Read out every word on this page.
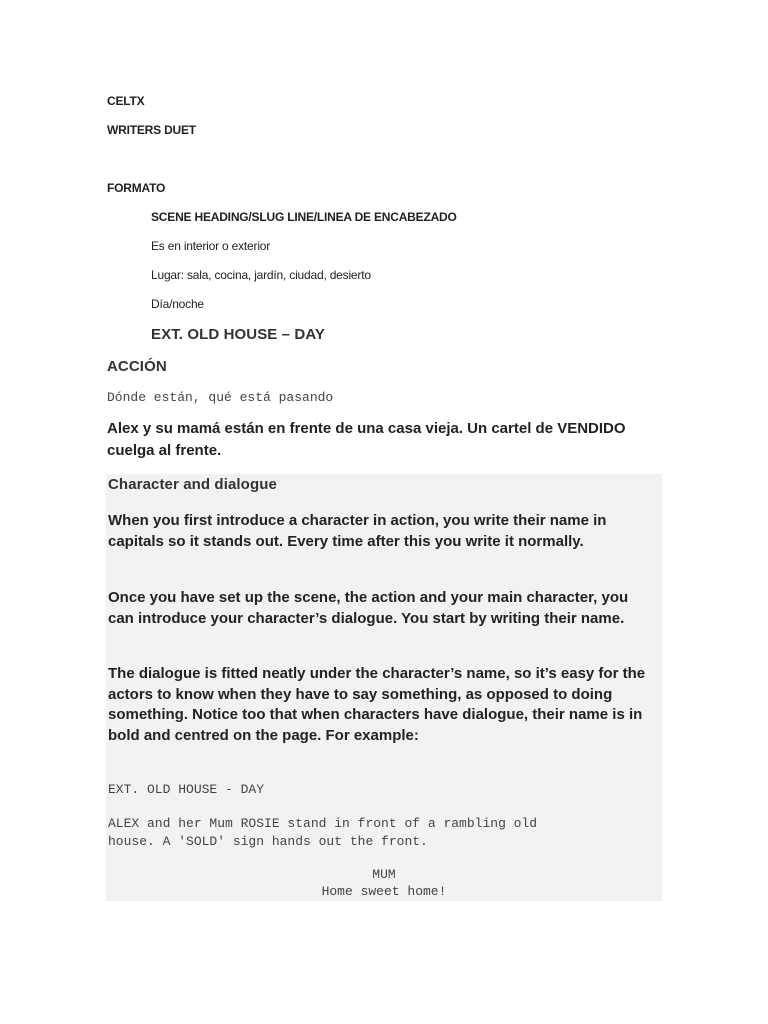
CELTX

WRITERS DUET

FORMATO

SCENE HEADING/SLUG LINE/LINEA DE ENCABEZADO

Es en interior o exterior

Lugar: sala, cocina, jardín, ciudad, desierto

Día/noche

EXT. OLD HOUSE – DAY

ACCIÓN

Dónde están, qué está pasando

Alex y su mamá están en frente de una casa vieja. Un cartel de VENDIDO cuelga al frente.

Character and dialogue

When you first introduce a character in action, you write their name in capitals so it stands out. Every time after this you write it normally.

Once you have set up the scene, the action and your main character, you can introduce your character’s dialogue. You start by writing their name.

The dialogue is fitted neatly under the character’s name, so it’s easy for the actors to know when they have to say something, as opposed to doing something. Notice too that when characters have dialogue, their name is in bold and centred on the page. For example:

EXT. OLD HOUSE - DAY

ALEX and her Mum ROSIE stand in front of a rambling old
house. A 'SOLD' sign hands out the front.

MUM

Home sweet home!
